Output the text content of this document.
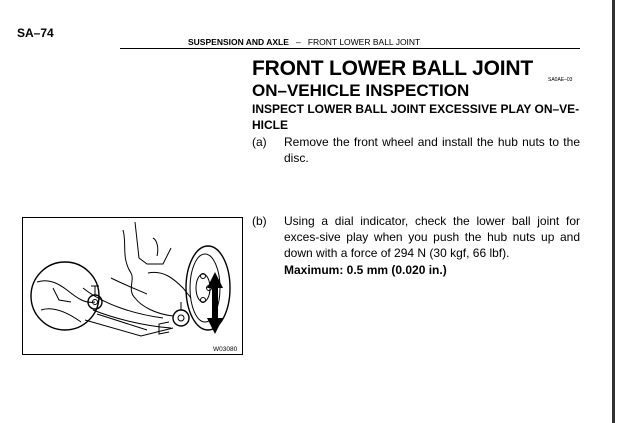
SA–74
SUSPENSION AND AXLE – FRONT LOWER BALL JOINT
FRONT LOWER BALL JOINT	SA0AE–03
ON–VEHICLE INSPECTION
INSPECT LOWER BALL JOINT EXCESSIVE PLAY ON–VE-HICLE
(a) Remove the front wheel and install the hub nuts to the disc.
(b) Using a dial indicator, check the lower ball joint for exces-sive play when you push the hub nuts up and down with a force of 294 N (30 kgf, 66 lbf).
Maximum: 0.5 mm (0.020 in.)
W03080
